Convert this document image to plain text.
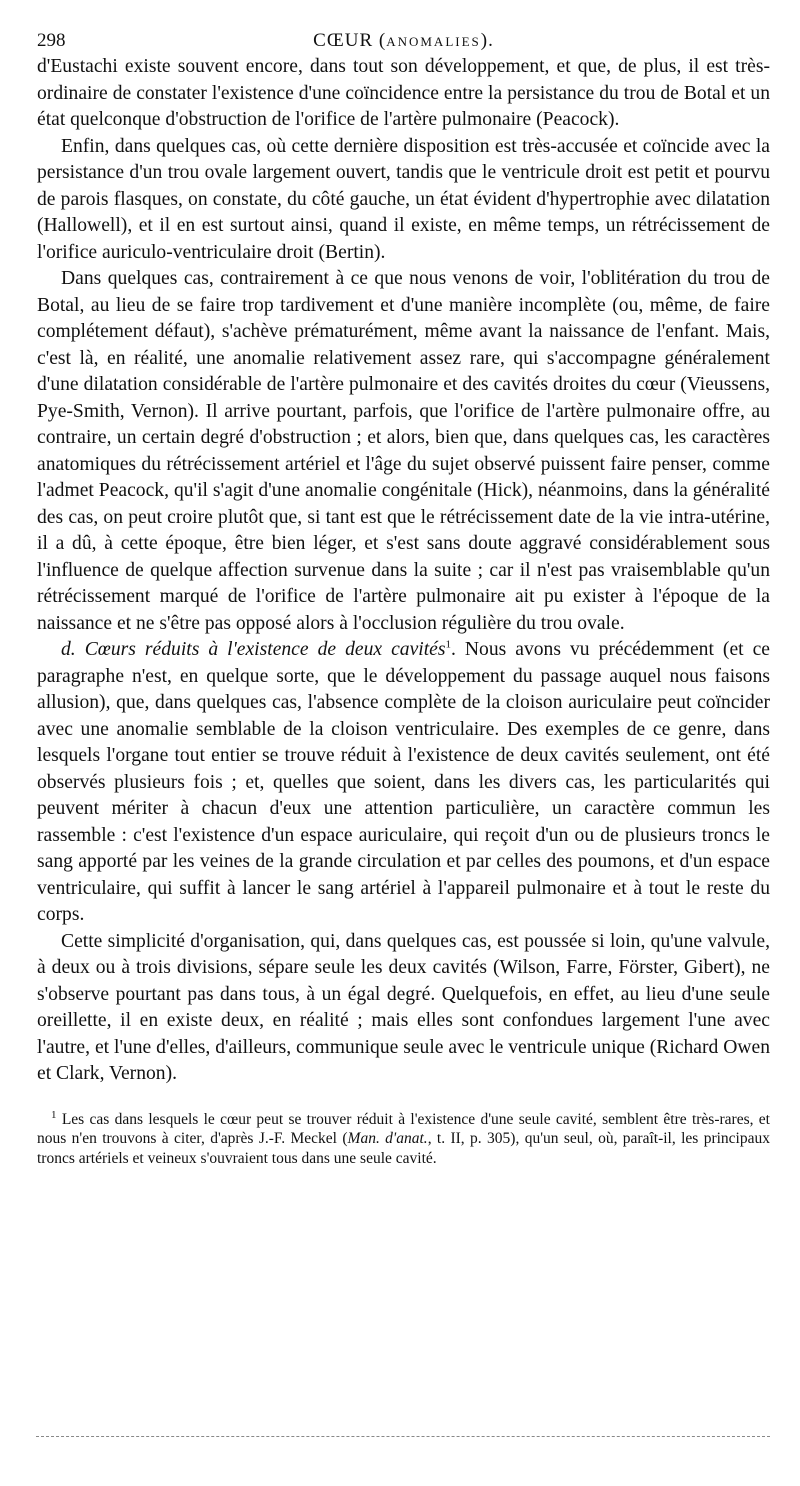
298	CŒUR (ANOMALIES).

d'Eustachi existe souvent encore, dans tout son développement, et que, de plus, il est très-ordinaire de constater l'existence d'une coïncidence entre la persistance du trou de Botal et un état quelconque d'obstruction de l'orifice de l'artère pulmonaire (Peacock).

Enfin, dans quelques cas, où cette dernière disposition est très-accusée et coïncide avec la persistance d'un trou ovale largement ouvert, tandis que le ventricule droit est petit et pourvu de parois flasques, on constate, du côté gauche, un état évident d'hypertrophie avec dilatation (Hallowell), et il en est surtout ainsi, quand il existe, en même temps, un rétrécissement de l'orifice auriculo-ventriculaire droit (Bertin).

Dans quelques cas, contrairement à ce que nous venons de voir, l'oblitération du trou de Botal, au lieu de se faire trop tardivement et d'une manière incomplète (ou, même, de faire complétement défaut), s'achève prématurément, même avant la naissance de l'enfant. Mais, c'est là, en réalité, une anomalie relativement assez rare, qui s'accompagne généralement d'une dilatation considérable de l'artère pulmonaire et des cavités droites du cœur (Vieussens, Pye-Smith, Vernon). Il arrive pourtant, parfois, que l'orifice de l'artère pulmonaire offre, au contraire, un certain degré d'obstruction ; et alors, bien que, dans quelques cas, les caractères anatomiques du rétrécissement artériel et l'âge du sujet observé puissent faire penser, comme l'admet Peacock, qu'il s'agit d'une anomalie congénitale (Hick), néanmoins, dans la généralité des cas, on peut croire plutôt que, si tant est que le rétrécissement date de la vie intra-utérine, il a dû, à cette époque, être bien léger, et s'est sans doute aggravé considérablement sous l'influence de quelque affection survenue dans la suite ; car il n'est pas vraisemblable qu'un rétrécissement marqué de l'orifice de l'artère pulmonaire ait pu exister à l'époque de la naissance et ne s'être pas opposé alors à l'occlusion régulière du trou ovale.

d. Cœurs réduits à l'existence de deux cavités$^1$. Nous avons vu précédemment (et ce paragraphe n'est, en quelque sorte, que le développement du passage auquel nous faisons allusion), que, dans quelques cas, l'absence complète de la cloison auriculaire peut coïncider avec une anomalie semblable de la cloison ventriculaire. Des exemples de ce genre, dans lesquels l'organe tout entier se trouve réduit à l'existence de deux cavités seulement, ont été observés plusieurs fois ; et, quelles que soient, dans les divers cas, les particularités qui peuvent mériter à chacun d'eux une attention particulière, un caractère commun les rassemble : c'est l'existence d'un espace auriculaire, qui reçoit d'un ou de plusieurs troncs le sang apporté par les veines de la grande circulation et par celles des poumons, et d'un espace ventriculaire, qui suffit à lancer le sang artériel à l'appareil pulmonaire et à tout le reste du corps.

Cette simplicité d'organisation, qui, dans quelques cas, est poussée si loin, qu'une valvule, à deux ou à trois divisions, sépare seule les deux cavités (Wilson, Farre, Förster, Gibert), ne s'observe pourtant pas dans tous, à un égal degré. Quelquefois, en effet, au lieu d'une seule oreillette, il en existe deux, en réalité ; mais elles sont confondues largement l'une avec l'autre, et l'une d'elles, d'ailleurs, communique seule avec le ventricule unique (Richard Owen et Clark, Vernon).

$^1$ Les cas dans lesquels le cœur peut se trouver réduit à l'existence d'une seule cavité, semblent être très-rares, et nous n'en trouvons à citer, d'après J.-F. Meckel (Man. d'anat., t. II, p. 305), qu'un seul, où, paraît-il, les principaux troncs artériels et veineux s'ouvraient tous dans une seule cavité.
